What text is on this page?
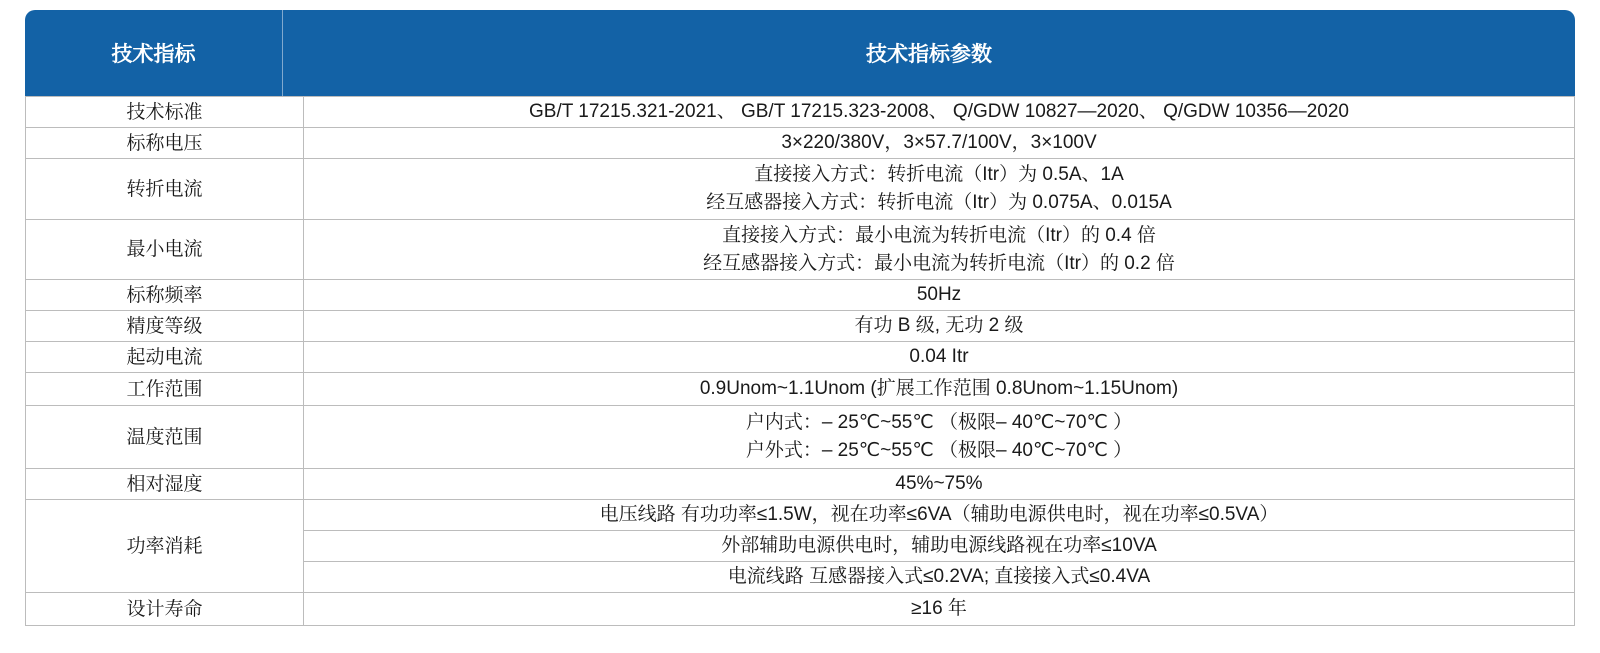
技术指标	技术指标参数
技术标准	GB/T 17215.321-2021、 GB/T 17215.323-2008、 Q/GDW 10827—2020、 Q/GDW 10356—2020

标称电压	3×220/380V，3×57.7/100V，3×100V

转折电流	直接接入方式：转折电流（Itr）为 0.5A、1A
经互感器接入方式：转折电流（Itr）为 0.075A、0.015A

最小电流	直接接入方式：最小电流为转折电流（Itr）的 0.4 倍
经互感器接入方式：最小电流为转折电流（Itr）的 0.2 倍

标称频率	50Hz

精度等级	有功 B 级, 无功 2 级

起动电流	0.04 Itr

工作范围	0.9Unom~1.1Unom (扩展工作范围 0.8Unom~1.15Unom)

温度范围	户内式：– 25℃~55℃ （极限– 40℃~70℃ ）
户外式：– 25℃~55℃ （极限– 40℃~70℃ ）

相对湿度	45%~75%

功率消耗	电压线路 有功功率≤1.5W，视在功率≤6VA（辅助电源供电时，视在功率≤0.5VA）

	外部辅助电源供电时，辅助电源线路视在功率≤10VA

	电流线路 互感器接入式≤0.2VA; 直接接入式≤0.4VA

设计寿命	≥16 年
